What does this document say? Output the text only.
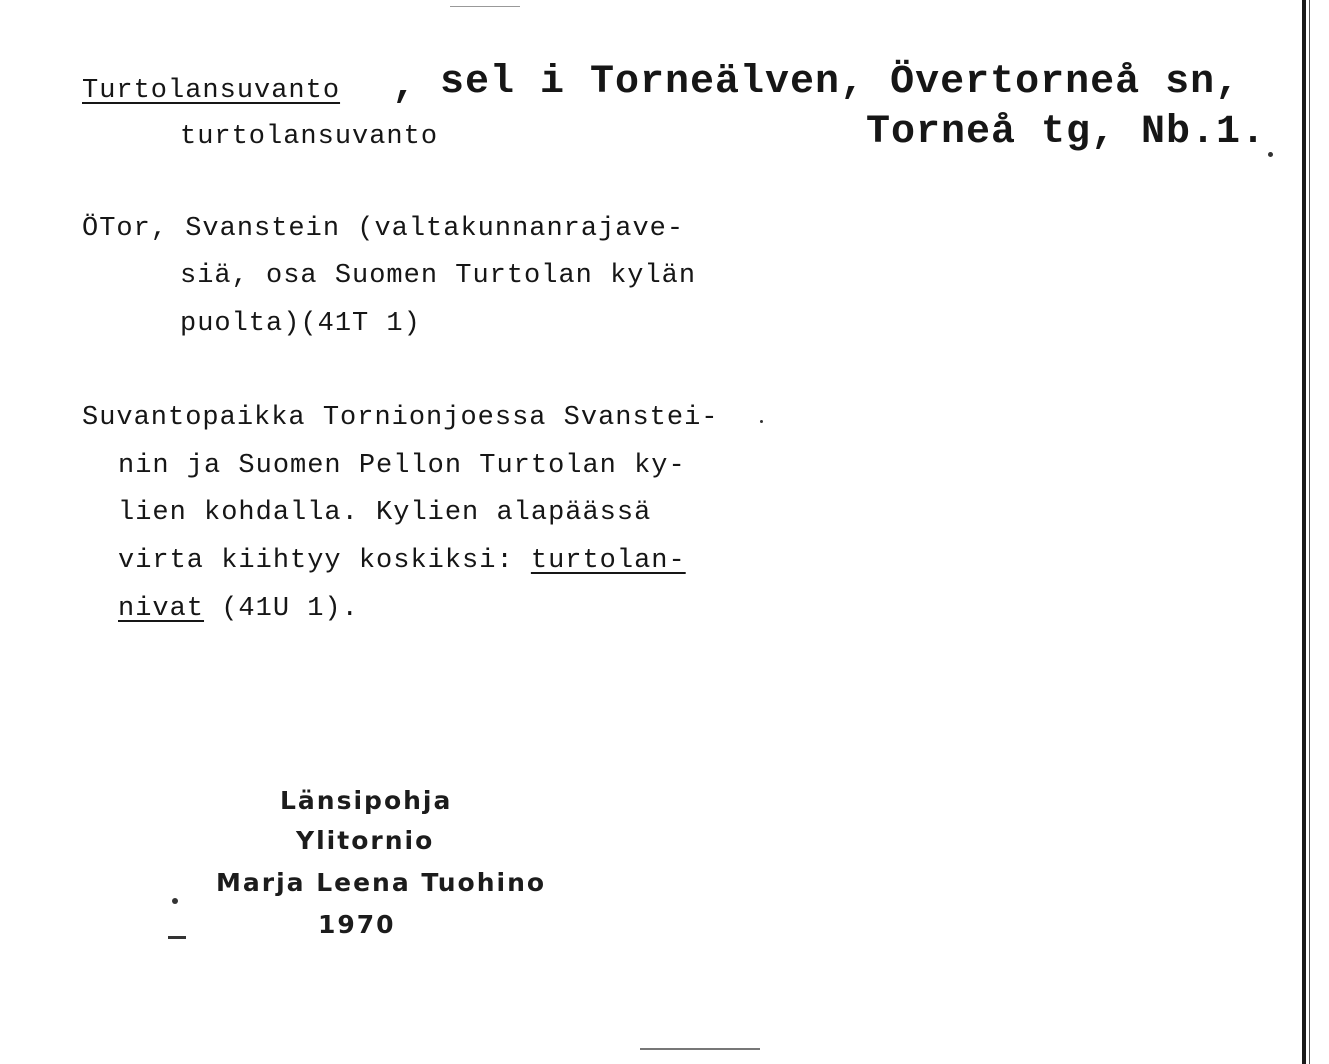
Turtolansuvanto , sel i Torneälven, Övertorneå sn,
turtolansuvanto	Torneå tg, Nb.1.
ÖTor, Svanstein (valtakunnanrajave-
siä, osa Suomen Turtolan kylän
puolta)(41T 1)
Suvantopaikka Tornionjoessa Svanstei-
nin ja Suomen Pellon Turtolan ky-
lien kohdalla. Kylien alapäässä
virta kiihtyy koskiksi: turtolan-
nivat (41U 1).
Länsipohja
Ylitornio
Marja Leena Tuohino
1970
